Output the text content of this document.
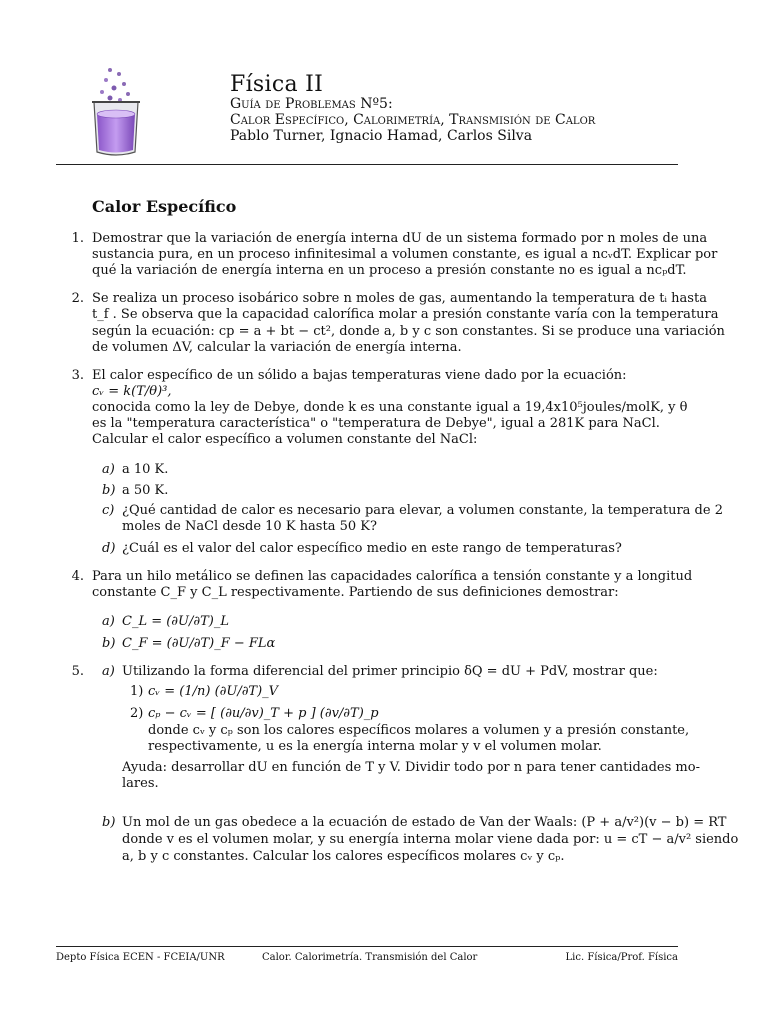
Física II
Guía de Problemas Nº5:
Calor Específico, Calorimetría, Transmisión de Calor
Pablo Turner, Ignacio Hamad, Carlos Silva
Calor Específico
1. Demostrar que la variación de energía interna dU de un sistema formado por n moles de una
sustancia pura, en un proceso infinitesimal a volumen constante, es igual a ncᵥdT. Explicar por
qué la variación de energía interna en un proceso a presión constante no es igual a ncₚdT.
2. Se realiza un proceso isobárico sobre n moles de gas, aumentando la temperatura de tᵢ hasta
t_f . Se observa que la capacidad calorífica molar a presión constante varía con la temperatura
según la ecuación: cp = a + bt − ct², donde a, b y c son constantes. Si se produce una variación
de volumen ΔV, calcular la variación de energía interna.
3. El calor específico de un sólido a bajas temperaturas viene dado por la ecuación:
cᵥ = k(T/θ)³,
conocida como la ley de Debye, donde k es una constante igual a 19,4x10⁵joules/molK, y θ
es la "temperatura característica" o "temperatura de Debye", igual a 281K para NaCl.
Calcular el calor específico a volumen constante del NaCl:
a) a 10 K.
b) a 50 K.
c) ¿Qué cantidad de calor es necesario para elevar, a volumen constante, la temperatura de 2
moles de NaCl desde 10 K hasta 50 K?
d) ¿Cuál es el valor del calor específico medio en este rango de temperaturas?
4. Para un hilo metálico se definen las capacidades calorífica a tensión constante y a longitud
constante C_F y C_L respectivamente. Partiendo de sus definiciones demostrar:
a) C_L = (∂U/∂T)_L
b) C_F = (∂U/∂T)_F − FLα
5. a) Utilizando la forma diferencial del primer principio δQ = dU + PdV, mostrar que:
1) cᵥ = (1/n) (∂U/∂T)_V
2) cₚ − cᵥ = [ (∂u/∂v)_T + p ] (∂v/∂T)_p
donde cᵥ y cₚ son los calores específicos molares a volumen y a presión constante,
respectivamente, u es la energía interna molar y v el volumen molar.
Ayuda: desarrollar dU en función de T y V. Dividir todo por n para tener cantidades mo-
lares.
b) Un mol de un gas obedece a la ecuación de estado de Van der Waals: (P + a/v²)(v − b) = RT
donde v es el volumen molar, y su energía interna molar viene dada por: u = cT − a/v² siendo
a, b y c constantes. Calcular los calores específicos molares cᵥ y cₚ.
Depto Física ECEN - FCEIA/UNR	Calor. Calorimetría. Transmisión del Calor	Lic. Física/Prof. Física
